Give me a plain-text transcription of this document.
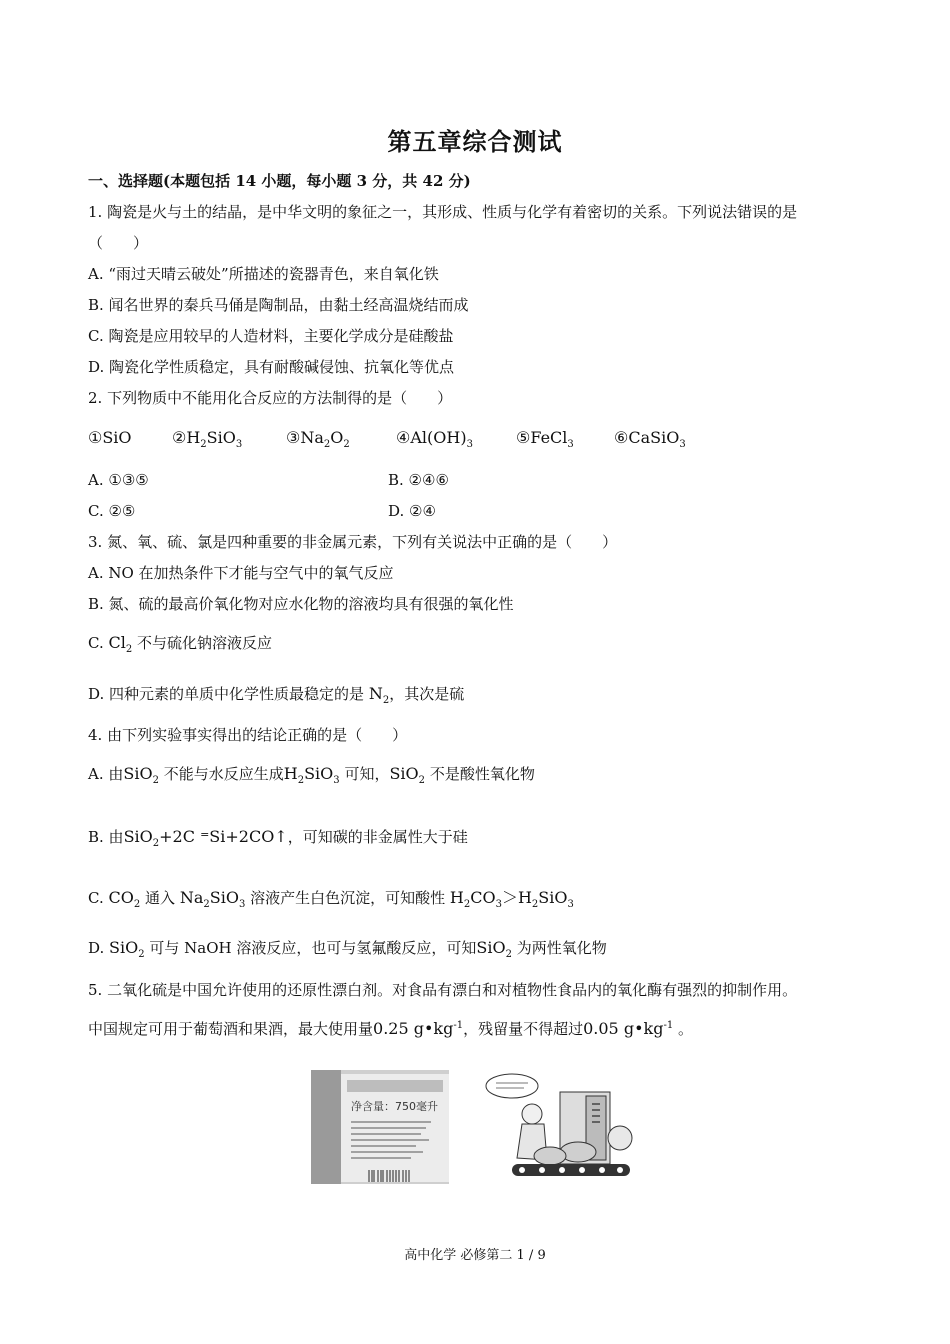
第五章综合测试
一、选择题(本题包括 14 小题，每小题 3 分，共 42 分)
1. 陶瓷是火与土的结晶，是中华文明的象征之一，其形成、性质与化学有着密切的关系。下列说法错误的是
（　　）
A. “雨过天晴云破处”所描述的瓷器青色，来自氧化铁
B. 闻名世界的秦兵马俑是陶制品，由黏土经高温烧结而成
C. 陶瓷是应用较早的人造材料，主要化学成分是硅酸盐
D. 陶瓷化学性质稳定，具有耐酸碱侵蚀、抗氧化等优点
2. 下列物质中不能用化合反应的方法制得的是（　　）
①SiO	$②H_2SiO_3$	$③Na_2O_2$	$④Al(OH)_3$	⑤FeCl$_3$	⑥CaSiO$_3$
A. ①③⑤	B. ②④⑥
C. ②⑤	D. ②④
3. 氮、氧、硫、氯是四种重要的非金属元素，下列有关说法中正确的是（　　）
A. NO 在加热条件下才能与空气中的氧气反应
B. 氮、硫的最高价氧化物对应水化物的溶液均具有很强的氧化性
C. $Cl_2$ 不与硫化钠溶液反应
D. 四种元素的单质中化学性质最稳定的是 $N_2$，其次是硫
4. 由下列实验事实得出的结论正确的是（　　）
A. 由SiO$_2$ 不能与水反应生成$H_2SiO_3$ 可知，SiO$_2$ 不是酸性氧化物
B. 由SiO$_2$+2C =Si+2CO↑，可知碳的非金属性大于硅
C. $CO_2$ 通入 $Na_2SiO_3$ 溶液产生白色沉淀，可知酸性 $H_2CO_3>H_2SiO_3$
D. SiO$_2$ 可与 NaOH 溶液反应，也可与氢氟酸反应，可知SiO$_2$ 为两性氧化物
5. 二氧化硫是中国允许使用的还原性漂白剂。对食品有漂白和对植物性食品内的氧化酶有强烈的抑制作用。
中国规定可用于葡萄酒和果酒，最大使用量0.25 $g•kg^{-1}$，残留量不得超过0.05 $g•kg^{-1}$ 。
净含量：750毫升
高中化学 必修第二 1 / 9
